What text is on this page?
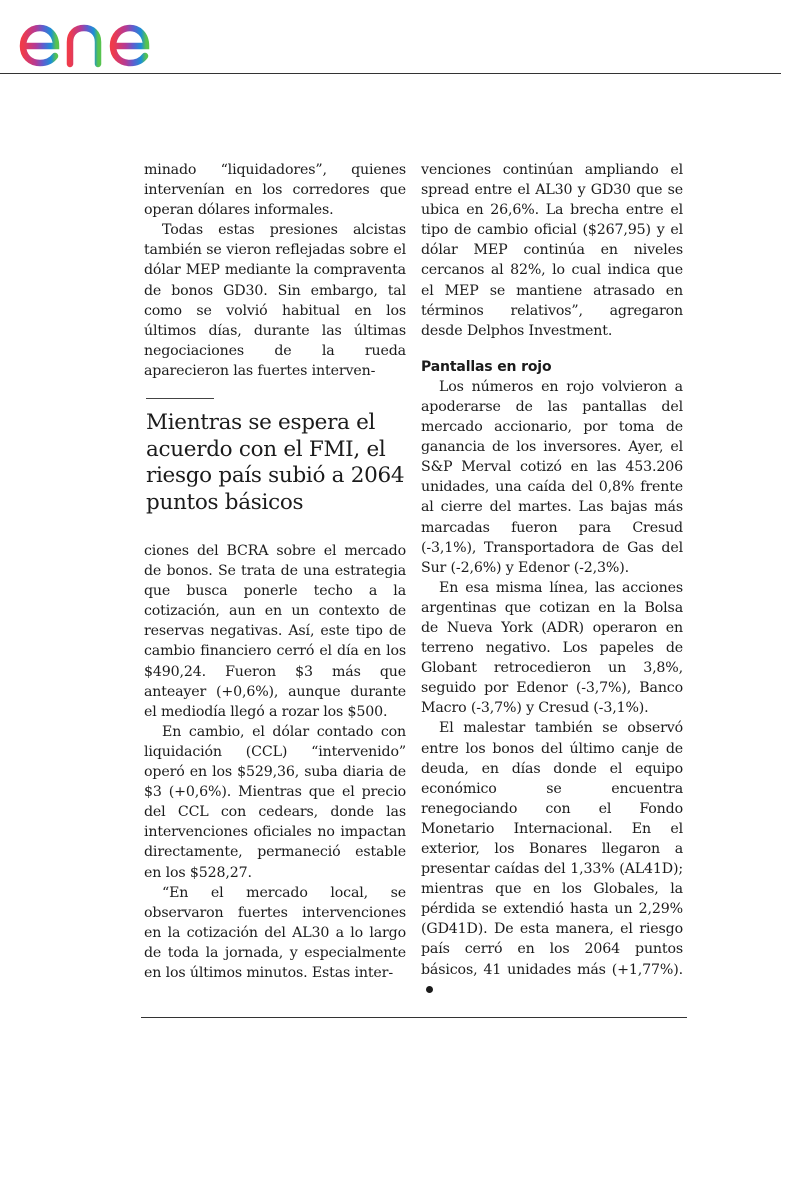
minado “liquidadores”, quienes intervenían en los corredores que operan dólares informales.

Todas estas presiones alcistas también se vieron reflejadas sobre el dólar MEP mediante la compraventa de bonos GD30. Sin embargo, tal como se volvió habitual en los últimos días, durante las últimas negociaciones de la rueda aparecieron las fuertes interven-

Mientras se espera el acuerdo con el FMI, el riesgo país subió a 2064 puntos básicos

ciones del BCRA sobre el mercado de bonos. Se trata de una estrategia que busca ponerle techo a la cotización, aun en un contexto de reservas negativas. Así, este tipo de cambio financiero cerró el día en los $490,24. Fueron $3 más que anteayer (+0,6%), aunque durante el mediodía llegó a rozar los $500.

En cambio, el dólar contado con liquidación (CCL) “intervenido” operó en los $529,36, suba diaria de $3 (+0,6%). Mientras que el precio del CCL con cedears, donde las intervenciones oficiales no impactan directamente, permaneció estable en los $528,27.

“En el mercado local, se observaron fuertes intervenciones en la cotización del AL30 a lo largo de toda la jornada, y especialmente en los últimos minutos. Estas inter-

venciones continúan ampliando el spread entre el AL30 y GD30 que se ubica en 26,6%. La brecha entre el tipo de cambio oficial ($267,95) y el dólar MEP continúa en niveles cercanos al 82%, lo cual indica que el MEP se mantiene atrasado en términos relativos”, agregaron desde Delphos Investment.

Pantallas en rojo

Los números en rojo volvieron a apoderarse de las pantallas del mercado accionario, por toma de ganancia de los inversores. Ayer, el S&P Merval cotizó en las 453.206 unidades, una caída del 0,8% frente al cierre del martes. Las bajas más marcadas fueron para Cresud (-3,1%), Transportadora de Gas del Sur (-2,6%) y Edenor (-2,3%).

En esa misma línea, las acciones argentinas que cotizan en la Bolsa de Nueva York (ADR) operaron en terreno negativo. Los papeles de Globant retrocedieron un 3,8%, seguido por Edenor (-3,7%), Banco Macro (-3,7%) y Cresud (-3,1%).

El malestar también se observó entre los bonos del último canje de deuda, en días donde el equipo económico se encuentra renegociando con el Fondo Monetario Internacional. En el exterior, los Bonares llegaron a presentar caídas del 1,33% (AL41D); mientras que en los Globales, la pérdida se extendió hasta un 2,29% (GD41D). De esta manera, el riesgo país cerró en los 2064 puntos básicos, 41 unidades más (+1,77%).
